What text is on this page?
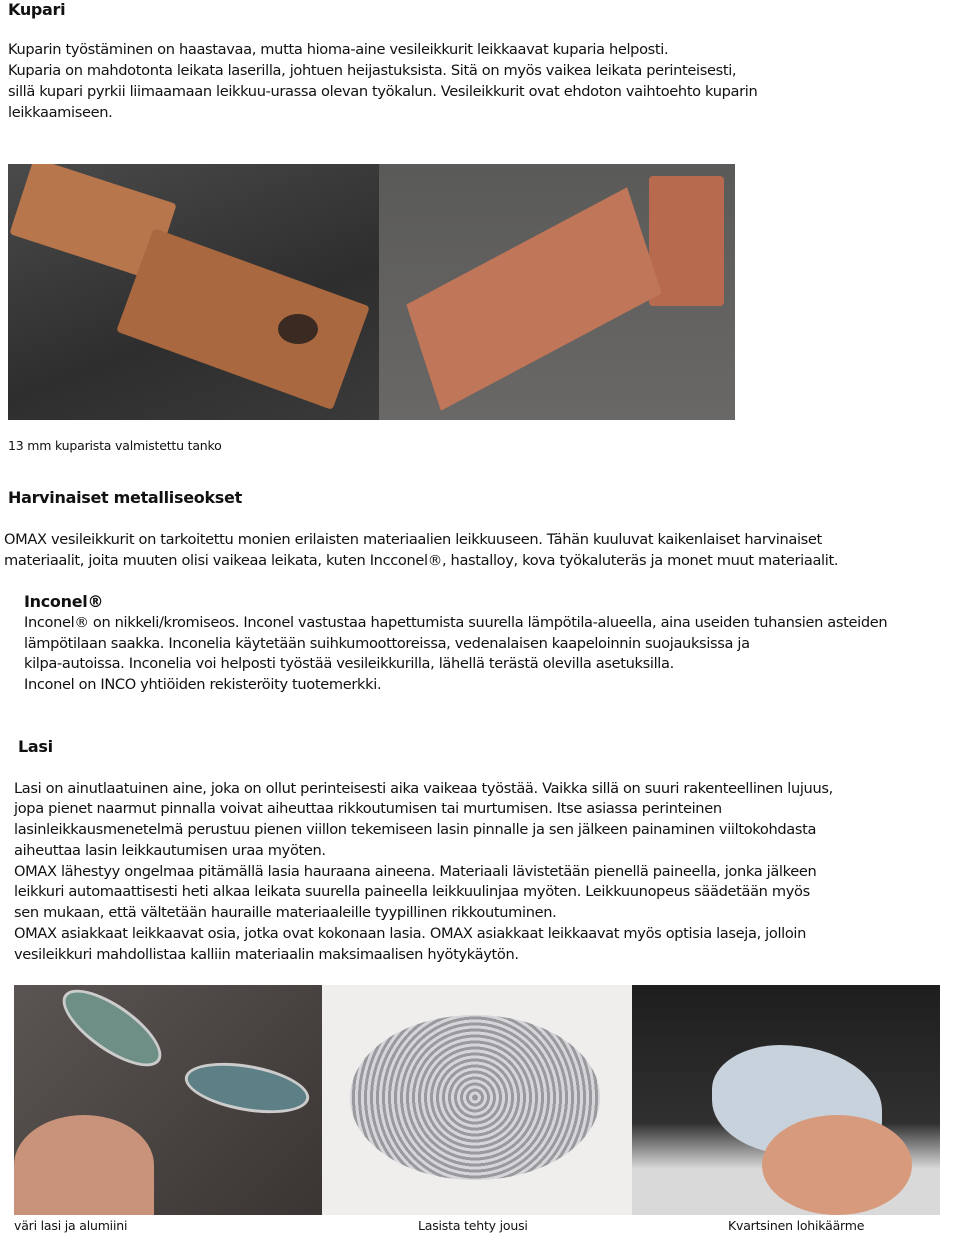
Kupari
Kuparin työstäminen on haastavaa, mutta hioma-aine vesileikkurit leikkaavat kuparia helposti.
Kuparia on mahdotonta leikata laserilla, johtuen heijastuksista. Sitä on myös vaikea leikata perinteisesti,
sillä kupari pyrkii liimaamaan leikkuu-urassa olevan työkalun. Vesileikkurit ovat ehdoton vaihtoehto kuparin
leikkaamiseen.
13 mm kuparista valmistettu tanko
Harvinaiset metalliseokset
OMAX vesileikkurit on tarkoitettu monien erilaisten materiaalien leikkuuseen. Tähän kuuluvat kaikenlaiset harvinaiset
materiaalit, joita muuten olisi vaikeaa leikata, kuten Incconel®, hastalloy, kova työkaluteräs ja monet muut materiaalit.
Inconel®
Inconel® on nikkeli/kromiseos. Inconel vastustaa hapettumista suurella lämpötila-alueella, aina useiden tuhansien asteiden
lämpötilaan saakka. Inconelia käytetään suihkumoottoreissa, vedenalaisen kaapeloinnin suojauksissa ja
kilpa-autoissa. Inconelia voi helposti työstää vesileikkurilla, lähellä terästä olevilla asetuksilla.
Inconel on INCO yhtiöiden rekisteröity tuotemerkki.
Lasi
Lasi on ainutlaatuinen aine, joka on ollut perinteisesti aika vaikeaa työstää. Vaikka sillä on suuri rakenteellinen lujuus,
jopa pienet naarmut pinnalla voivat aiheuttaa rikkoutumisen tai murtumisen. Itse asiassa perinteinen
lasinleikkausmenetelmä perustuu pienen viillon tekemiseen lasin pinnalle ja sen jälkeen painaminen viiltokohdasta
aiheuttaa lasin leikkautumisen uraa myöten.
OMAX lähestyy ongelmaa pitämällä lasia hauraana aineena. Materiaali lävistetään pienellä paineella, jonka jälkeen
leikkuri automaattisesti heti alkaa leikata suurella paineella leikkuulinjaa myöten. Leikkuunopeus säädetään myös
sen mukaan, että vältetään hauraille materiaaleille tyypillinen rikkoutuminen.
OMAX asiakkaat leikkaavat osia, jotka ovat kokonaan lasia. OMAX asiakkaat leikkaavat myös optisia laseja, jolloin
vesileikkuri mahdollistaa kalliin materiaalin maksimaalisen hyötykäytön.
väri lasi ja alumiini	Lasista tehty jousi	Kvartsinen lohikäärme
